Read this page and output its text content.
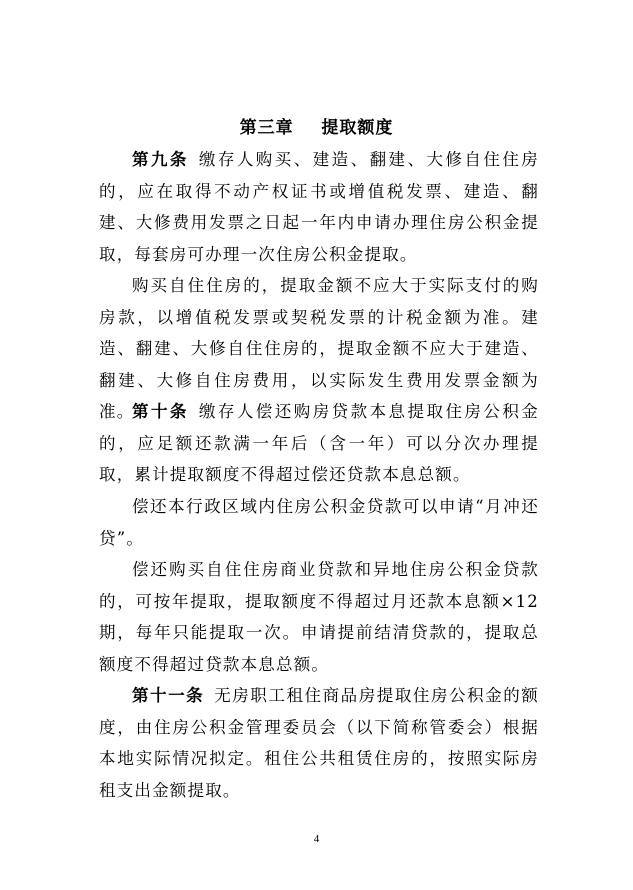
第三章    提取额度

第九条 缴存人购买、建造、翻建、大修自住住房的，应在取得不动产权证书或增值税发票、建造、翻建、大修费用发票之日起一年内申请办理住房公积金提取，每套房可办理一次住房公积金提取。

购买自住住房的，提取金额不应大于实际支付的购房款，以增值税发票或契税发票的计税金额为准。建造、翻建、大修自住住房的，提取金额不应大于建造、翻建、大修自住房费用，以实际发生费用发票金额为准。

第十条 缴存人偿还购房贷款本息提取住房公积金的，应足额还款满一年后（含一年）可以分次办理提取，累计提取额度不得超过偿还贷款本息总额。

偿还本行政区域内住房公积金贷款可以申请“月冲还贷”。

偿还购买自住住房商业贷款和异地住房公积金贷款的，可按年提取，提取额度不得超过月还款本息额×12期，每年只能提取一次。申请提前结清贷款的，提取总额度不得超过贷款本息总额。

第十一条 无房职工租住商品房提取住房公积金的额度，由住房公积金管理委员会（以下简称管委会）根据本地实际情况拟定。租住公共租赁住房的，按照实际房租支出金额提取。

4
